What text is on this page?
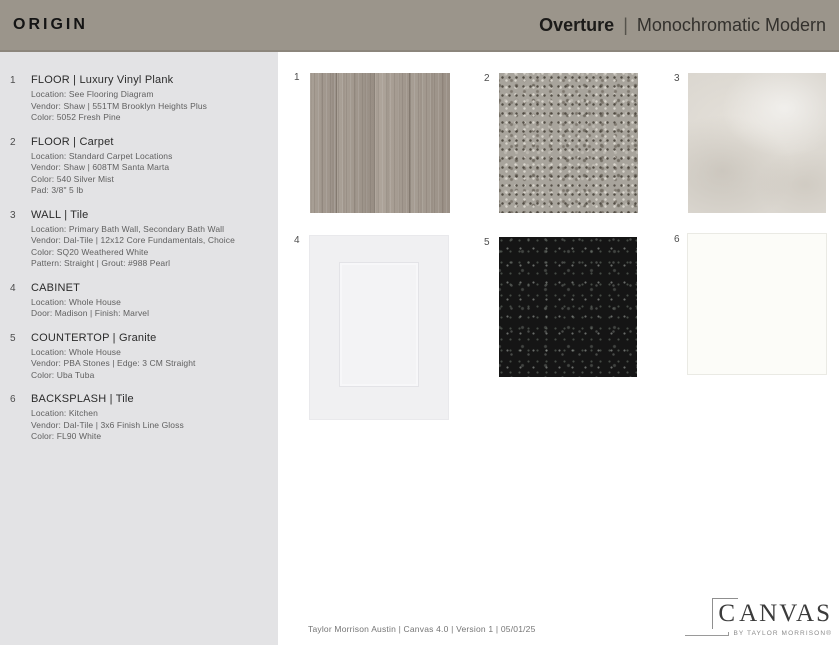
ORIGIN	Overture | Monochromatic Modern
1	FLOOR | Luxury Vinyl Plank
Location: See Flooring Diagram
Vendor: Shaw | 551TM Brooklyn Heights Plus
Color: 5052 Fresh Pine
2	FLOOR | Carpet
Location: Standard Carpet Locations
Vendor: Shaw | 608TM Santa Marta
Color: 540 Silver Mist
Pad: 3/8" 5 lb
3	WALL | Tile
Location: Primary Bath Wall, Secondary Bath Wall
Vendor: Dal-Tile | 12x12 Core Fundamentals, Choice
Color: SQ20 Weathered White
Pattern: Straight | Grout: #988 Pearl
4	CABINET
Location: Whole House
Door: Madison | Finish: Marvel
5	COUNTERTOP | Granite
Location: Whole House
Vendor: PBA Stones | Edge: 3 CM Straight
Color: Uba Tuba
6	BACKSPLASH | Tile
Location: Kitchen
Vendor: Dal-Tile | 3x6 Finish Line Gloss
Color: FL90 White
1	2	3
4	5	6
Taylor Morrison Austin | Canvas 4.0 | Version 1 | 05/01/25
CANVAS
BY TAYLOR MORRISON®
